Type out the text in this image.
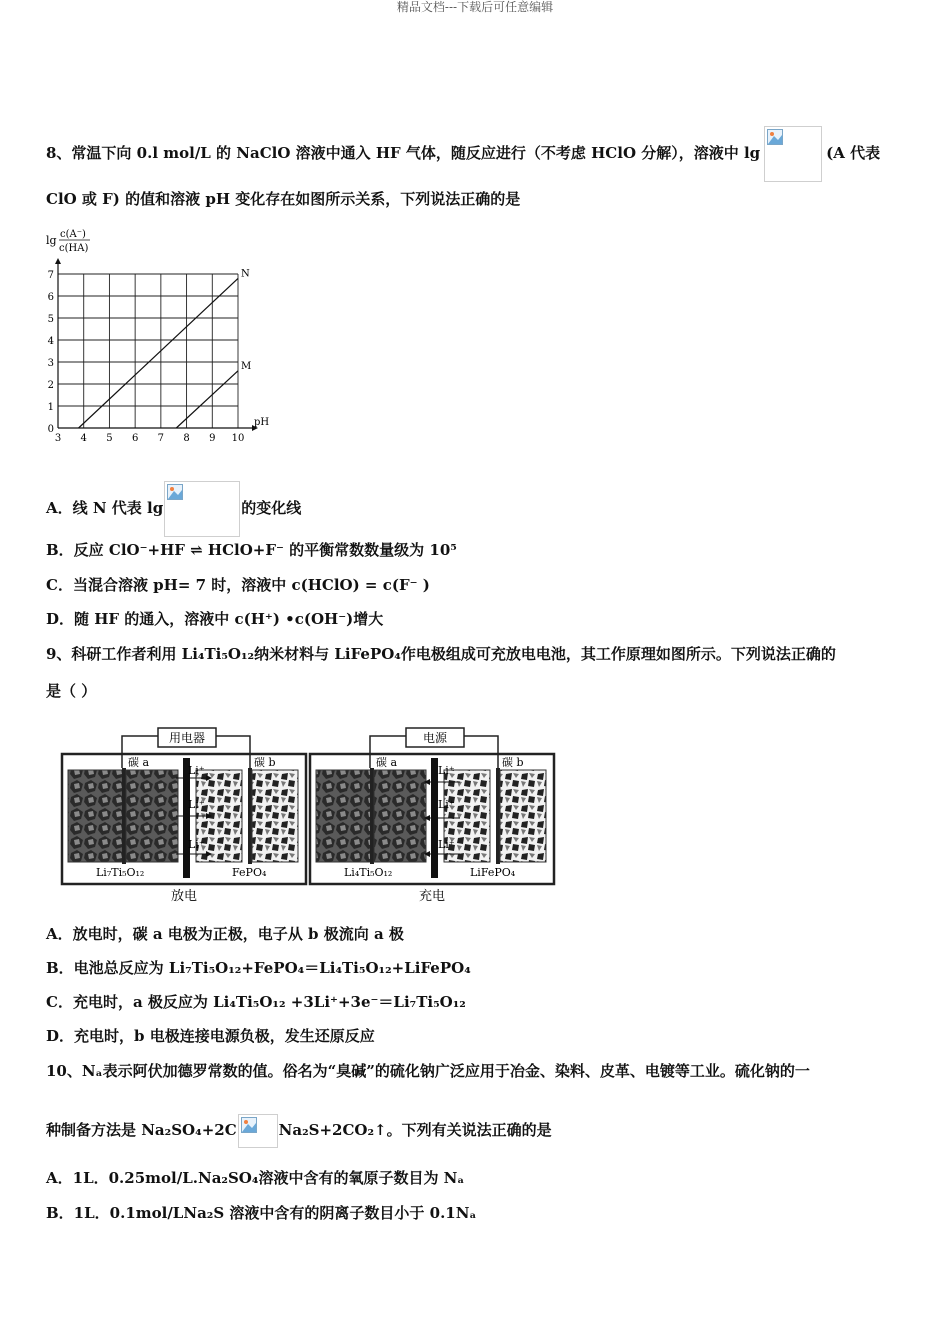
精品文档---下载后可任意编辑
8、常温下向 0.l mol/L 的 NaClO 溶液中通入 HF 气体，随反应进行（不考虑 HClO 分解），溶液中 lg	(A 代表
ClO 或 F) 的值和溶液 pH 变化存在如图所示关系，下列说法正确的是
lg c(A⁻)
c(HA)
3 4 5 6 7 8 9 10
0
1
2
3
4
5
6
7
pH
N
M
A．线 N 代表 lg	的变化线
B．反应 ClO⁻+HF ⇌ HClO+F⁻ 的平衡常数数量级为 10⁵
C．当混合溶液 pH= 7 时，溶液中 c(HClO) = c(F⁻ )
D．随 HF 的通入，溶液中 c(H⁺) •c(OH⁻)增大
9、科研工作者利用 Li₄Ti₅O₁₂纳米材料与 LiFePO₄作电极组成可充放电电池，其工作原理如图所示。下列说法正确的
是（ ）
用电器
碳 a	碳 b
Li⁺
Li⁺
Li⁺
Li₇Ti₅O₁₂	FePO₄
放电
电源
碳 a	碳 b
Li⁺
Li⁺
Li⁺
Li₄Ti₅O₁₂	LiFePO₄
充电
A．放电时，碳 a 电极为正极，电子从 b 极流向 a 极
B．电池总反应为 Li₇Ti₅O₁₂+FePO₄＝Li₄Ti₅O₁₂+LiFePO₄
C．充电时，a 极反应为 Li₄Ti₅O₁₂ +3Li⁺+3e⁻＝Li₇Ti₅O₁₂
D．充电时，b 电极连接电源负极，发生还原反应
10、Nₐ表示阿伏加德罗常数的值。俗名为“臭碱”的硫化钠广泛应用于冶金、染料、皮革、电镀等工业。硫化钠的一
种制备方法是 Na₂SO₄+2C	Na₂S+2CO₂↑。下列有关说法正确的是
A．1L．0.25mol/L.Na₂SO₄溶液中含有的氧原子数目为 Nₐ
B．1L．0.1mol/LNa₂S 溶液中含有的阴离子数目小于 0.1Nₐ
